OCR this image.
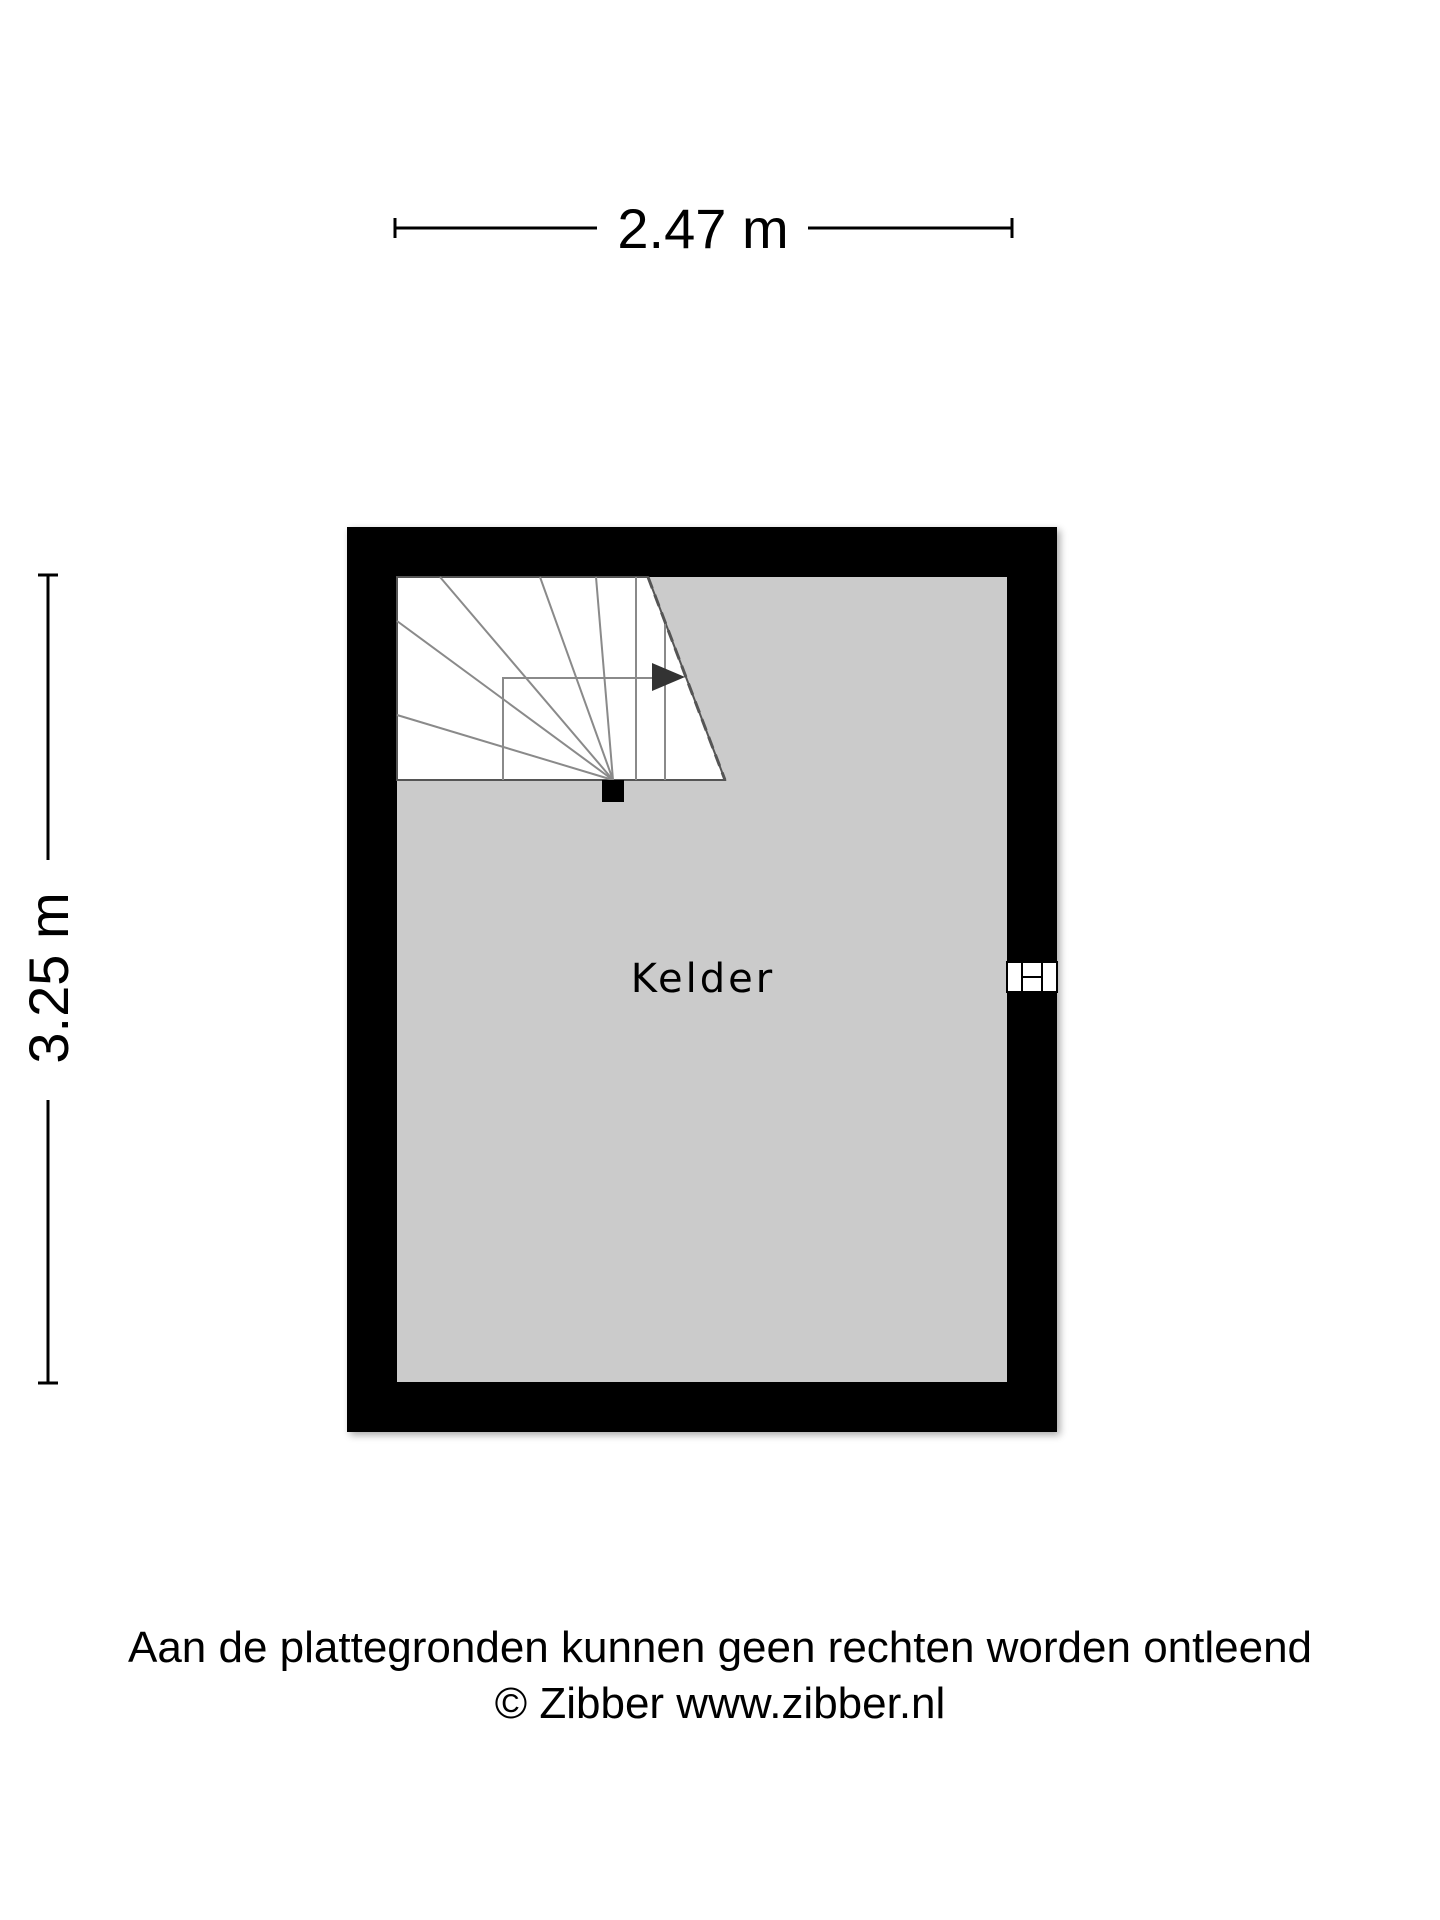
2.47 m
3.25 m	Kelder
Aan de plattegronden kunnen geen rechten worden ontleend
© Zibber www.zibber.nl
